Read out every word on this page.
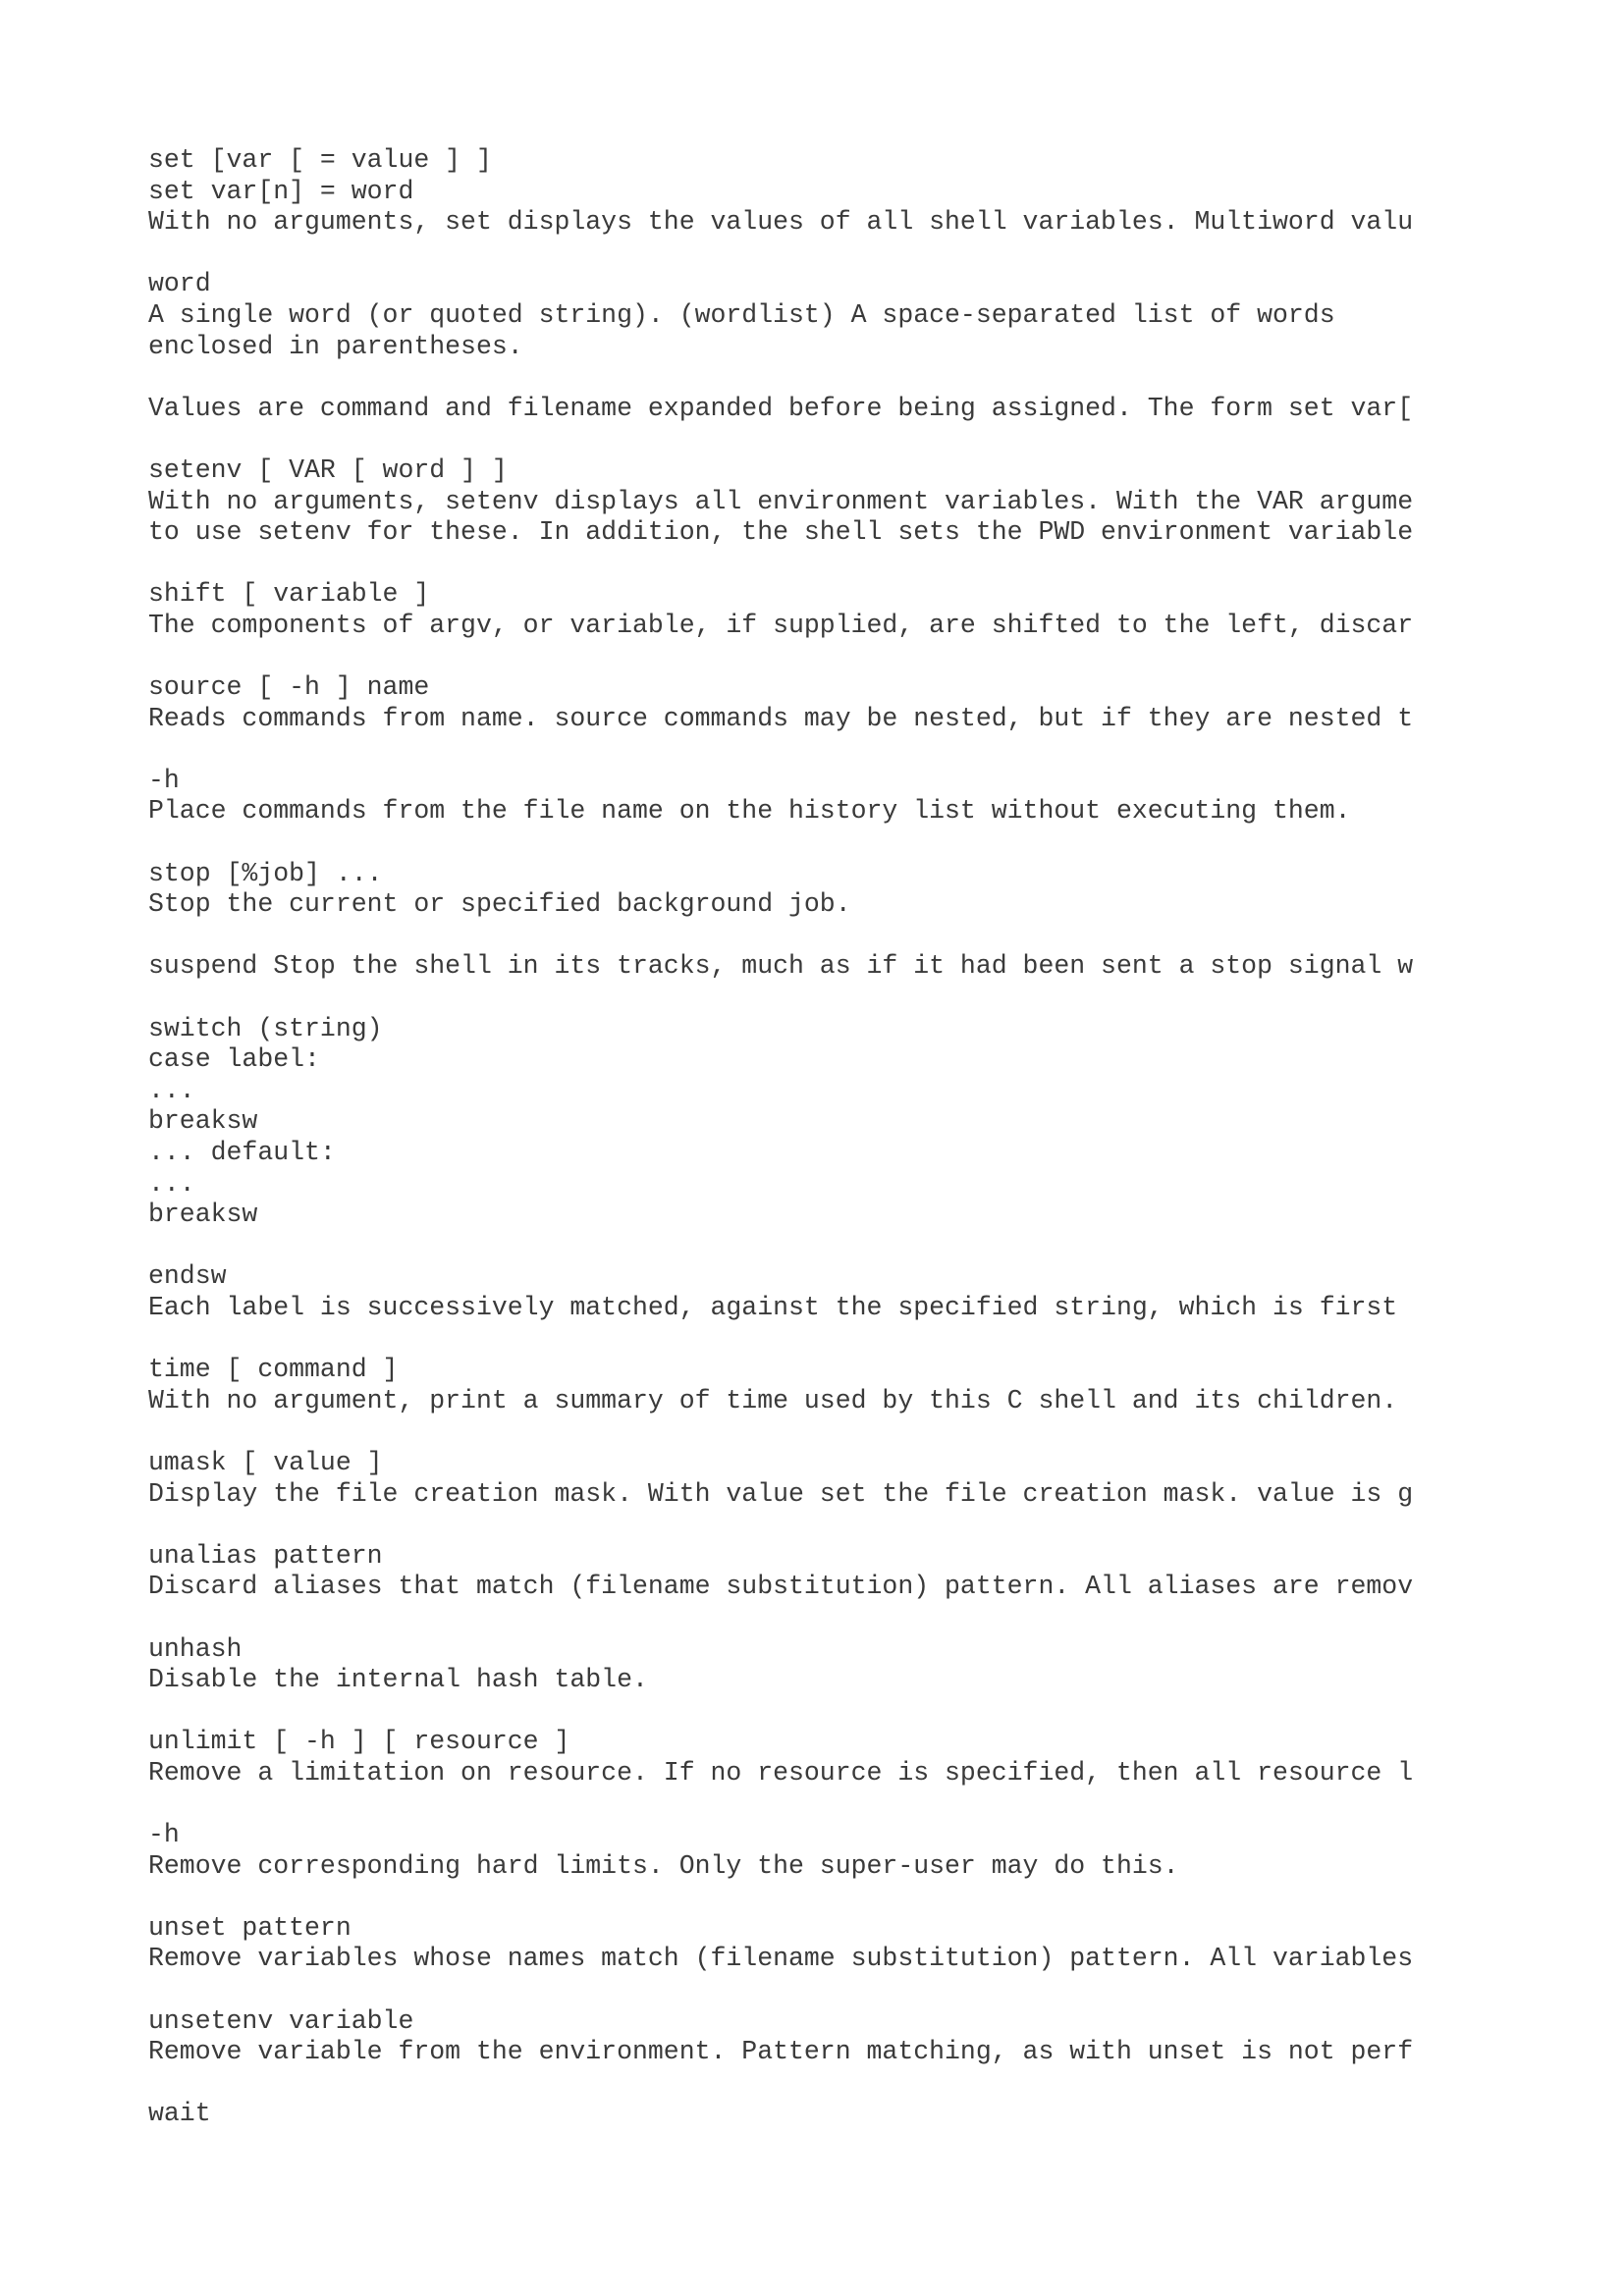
set [var [ = value ] ]
set var[n] = word
With no arguments, set displays the values of all shell variables. Multiword valu
word
A single word (or quoted string). (wordlist) A space-separated list of words
enclosed in parentheses.
Values are command and filename expanded before being assigned. The form set var[
setenv [ VAR [ word ] ]
With no arguments, setenv displays all environment variables. With the VAR argume
to use setenv for these. In addition, the shell sets the PWD environment variable
shift [ variable ]
The components of argv, or variable, if supplied, are shifted to the left, discar
source [ -h ] name
Reads commands from name. source commands may be nested, but if they are nested t
-h
Place commands from the file name on the history list without executing them.
stop [%job] ...
Stop the current or specified background job.
suspend Stop the shell in its tracks, much as if it had been sent a stop signal w
switch (string)
case label:
...
breaksw
... default:
...
breaksw
endsw
Each label is successively matched, against the specified string, which is first
time [ command ]
With no argument, print a summary of time used by this C shell and its children.
umask [ value ]
Display the file creation mask. With value set the file creation mask. value is g
unalias pattern
Discard aliases that match (filename substitution) pattern. All aliases are remov
unhash
Disable the internal hash table.
unlimit [ -h ] [ resource ]
Remove a limitation on resource. If no resource is specified, then all resource l
-h
Remove corresponding hard limits. Only the super-user may do this.
unset pattern
Remove variables whose names match (filename substitution) pattern. All variables
unsetenv variable
Remove variable from the environment. Pattern matching, as with unset is not perf
wait
